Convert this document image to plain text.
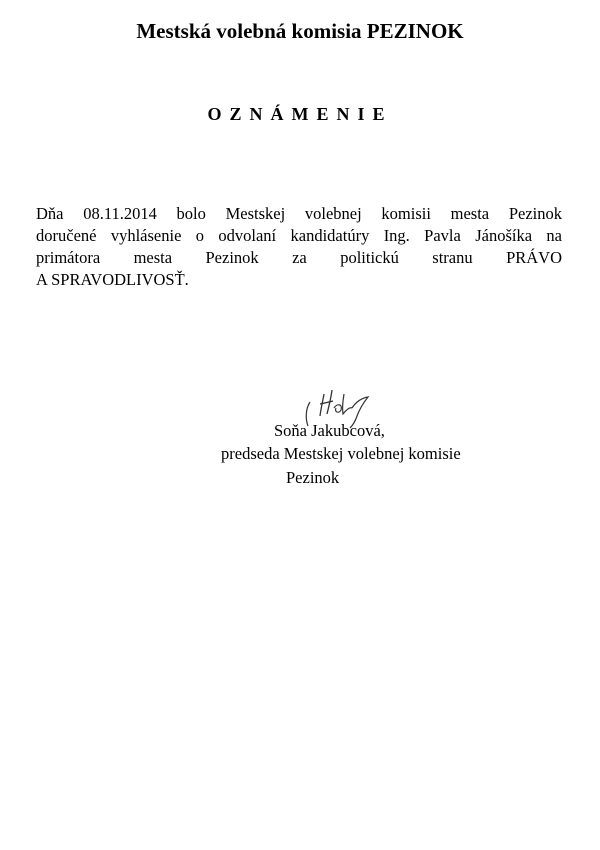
Mestská volebná komisia PEZINOK
OZNÁMENIE
Dňa 08.11.2014 bolo Mestskej volebnej komisii mesta Pezinok
doručené vyhlásenie o odvolaní kandidatúry Ing. Pavla Jánošíka na
primátora mesta Pezinok za politickú stranu PRÁVO
A SPRAVODLIVOSŤ.
Soňa Jakubcová,
predseda Mestskej volebnej komisie
Pezinok
